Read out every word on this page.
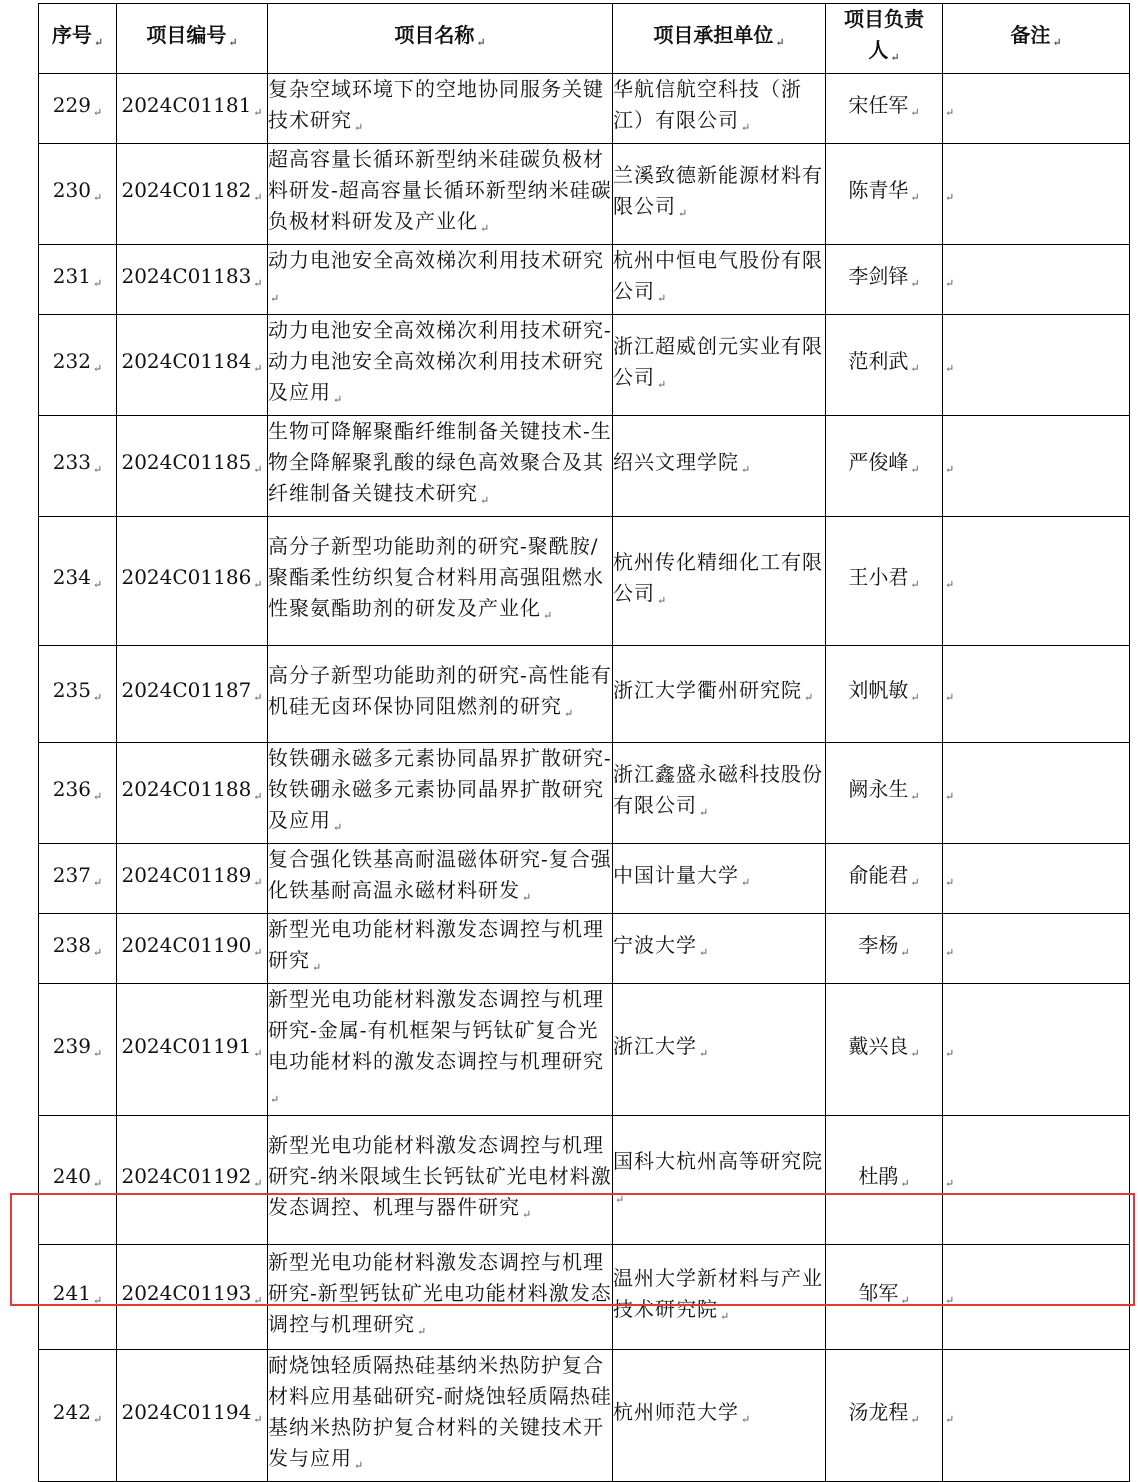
序号 $_↵$	项目编号 $_↵$	项目名称 $_↵$	项目承担单位 $_↵$	项目负责人 $_↵$	备注 $_↵$
229 $_↵$	2024C01181 $_↵$	复杂空域环境下的空地协同服务关键技术研究 $_↵$	华航信航空科技（浙江）有限公司 $_↵$	宋任军 $_↵$	$_↵$
230 $_↵$	2024C01182 $_↵$	超高容量长循环新型纳米硅碳负极材料研发-超高容量长循环新型纳米硅碳负极材料研发及产业化 $_↵$	兰溪致德新能源材料有限公司 $_↵$	陈青华 $_↵$	$_↵$
231 $_↵$	2024C01183 $_↵$	动力电池安全高效梯次利用技术研究$_↵$	杭州中恒电气股份有限公司 $_↵$	李剑铎 $_↵$	$_↵$
232 $_↵$	2024C01184 $_↵$	动力电池安全高效梯次利用技术研究-动力电池安全高效梯次利用技术研究及应用 $_↵$	浙江超威创元实业有限公司 $_↵$	范利武 $_↵$	$_↵$
233 $_↵$	2024C01185 $_↵$	生物可降解聚酯纤维制备关键技术-生物全降解聚乳酸的绿色高效聚合及其纤维制备关键技术研究 $_↵$	绍兴文理学院 $_↵$	严俊峰 $_↵$	$_↵$
234 $_↵$	2024C01186 $_↵$	高分子新型功能助剂的研究-聚酰胺/聚酯柔性纺织复合材料用高强阻燃水性聚氨酯助剂的研发及产业化 $_↵$	杭州传化精细化工有限公司 $_↵$	王小君 $_↵$	$_↵$
235 $_↵$	2024C01187 $_↵$	高分子新型功能助剂的研究-高性能有机硅无卤环保协同阻燃剂的研究 $_↵$	浙江大学衢州研究院 $_↵$	刘帆敏 $_↵$	$_↵$
236 $_↵$	2024C01188 $_↵$	钕铁硼永磁多元素协同晶界扩散研究-钕铁硼永磁多元素协同晶界扩散研究及应用 $_↵$	浙江鑫盛永磁科技股份有限公司 $_↵$	阙永生 $_↵$	$_↵$
237 $_↵$	2024C01189 $_↵$	复合强化铁基高耐温磁体研究-复合强化铁基耐高温永磁材料研发 $_↵$	中国计量大学 $_↵$	俞能君 $_↵$	$_↵$
238 $_↵$	2024C01190 $_↵$	新型光电功能材料激发态调控与机理研究 $_↵$	宁波大学 $_↵$	李杨 $_↵$	$_↵$
239 $_↵$	2024C01191 $_↵$	新型光电功能材料激发态调控与机理研究-金属-有机框架与钙钛矿复合光电功能材料的激发态调控与机理研究$_↵$	浙江大学 $_↵$	戴兴良 $_↵$	$_↵$
240 $_↵$	2024C01192 $_↵$	新型光电功能材料激发态调控与机理研究-纳米限域生长钙钛矿光电材料激发态调控、机理与器件研究 $_↵$	国科大杭州高等研究院$_↵$	杜鹃 $_↵$	$_↵$
241 $_↵$	2024C01193 $_↵$	新型光电功能材料激发态调控与机理研究-新型钙钛矿光电功能材料激发态调控与机理研究 $_↵$	温州大学新材料与产业技术研究院 $_↵$	邹军 $_↵$	$_↵$
242 $_↵$	2024C01194 $_↵$	耐烧蚀轻质隔热硅基纳米热防护复合材料应用基础研究-耐烧蚀轻质隔热硅基纳米热防护复合材料的关键技术开发与应用 $_↵$	杭州师范大学 $_↵$	汤龙程 $_↵$	$_↵$
